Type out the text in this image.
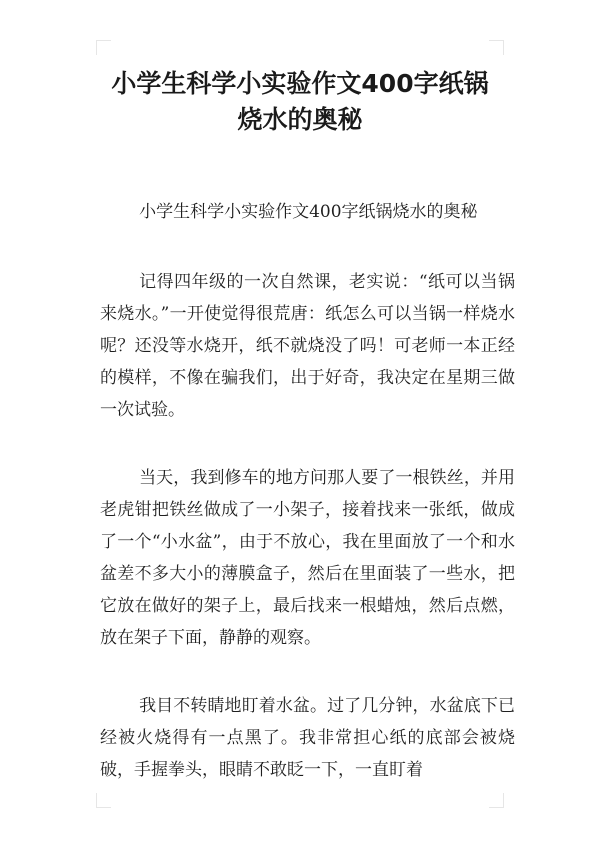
小学生科学小实验作文400字纸锅烧水的奥秘

小学生科学小实验作文400字纸锅烧水的奥秘

记得四年级的一次自然课，老实说：“纸可以当锅来烧水。”一开使觉得很荒唐：纸怎么可以当锅一样烧水呢？还没等水烧开，纸不就烧没了吗！可老师一本正经的模样，不像在骗我们，出于好奇，我决定在星期三做一次试验。

当天，我到修车的地方问那人要了一根铁丝，并用老虎钳把铁丝做成了一小架子，接着找来一张纸，做成了一个“小水盆”，由于不放心，我在里面放了一个和水盆差不多大小的薄膜盒子，然后在里面装了一些水，把它放在做好的架子上，最后找来一根蜡烛，然后点燃，放在架子下面，静静的观察。

我目不转睛地盯着水盆。过了几分钟，水盆底下已经被火烧得有一点黑了。我非常担心纸的底部会被烧破，手握拳头，眼睛不敢眨一下，一直盯着
